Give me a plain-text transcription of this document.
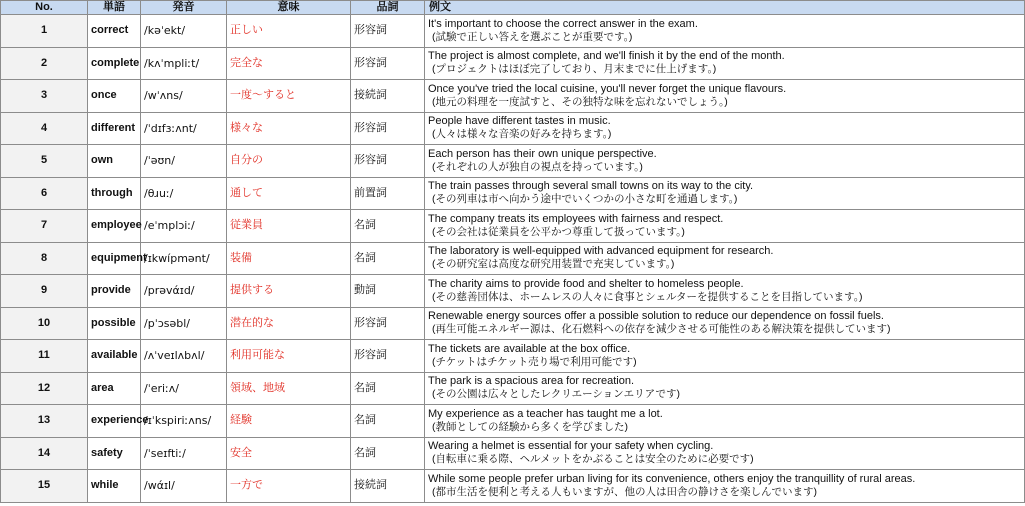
No.	単語	発音	意味	品詞	例文
1	correct	/kəˈekt/	正しい	形容詞	It's important to choose the correct answer in the exam.
(試験で正しい答えを選ぶことが重要です。)

2	complete	/kʌˈmpliːt/	完全な	形容詞	The project is almost complete, and we'll finish it by the end of the month.
(プロジェクトはほぼ完了しており、月末までに仕上げます。)

3	once	/wˈʌns/	一度〜すると	接続詞	Once you've tried the local cuisine, you'll never forget the unique flavours.
(地元の料理を一度試すと、その独特な味を忘れないでしょう。)

4	different	/ˈdɪfɜːʌnt/	様々な	形容詞	People have different tastes in music.
(人々は様々な音楽の好みを持ちます。)

5	own	/ˈəʊn/	自分の	形容詞	Each person has their own unique perspective.
(それぞれの人が独自の視点を持っています。)

6	through	/θɹuː/	通して	前置詞	The train passes through several small towns on its way to the city.
(その列車は市へ向かう途中でいくつかの小さな町を通過します。)

7	employee	/eˈmplɔiː/	従業員	名詞	The company treats its employees with fairness and respect.
(その会社は従業員を公平かつ尊重して扱っています。)

8	equipment	/ɪkwípmənt/	装備	名詞	The laboratory is well-equipped with advanced equipment for research.
(その研究室は高度な研究用装置で充実しています。)

9	provide	/prəvάɪd/	提供する	動詞	The charity aims to provide food and shelter to homeless people.
(その慈善団体は、ホームレスの人々に食事とシェルターを提供することを目指しています。)

10	possible	/pˈɔsəbl/	潜在的な	形容詞	Renewable energy sources offer a possible solution to reduce our dependence on fossil fuels.
(再生可能エネルギー源は、化石燃料への依存を減少させる可能性のある解決策を提供しています)

11	available	/ʌˈveɪlʌbʌl/	利用可能な	形容詞	The tickets are available at the box office.
(チケットはチケット売り場で利用可能です)

12	area	/ˈeriːʌ/	領域、地域	名詞	The park is a spacious area for recreation.
(その公園は広々としたレクリエーションエリアです)

13	experience	/ɪˈkspiriːʌns/	経験	名詞	My experience as a teacher has taught me a lot.
(教師としての経験から多くを学びました)

14	safety	/ˈseɪftiː/	安全	名詞	Wearing a helmet is essential for your safety when cycling.
(自転車に乗る際、ヘルメットをかぶることは安全のために必要です)

15	while	/wάɪl/	一方で	接続詞	While some people prefer urban living for its convenience, others enjoy the tranquillity of rural areas.
(都市生活を便利と考える人もいますが、他の人は田舎の静けさを楽しんでいます)
